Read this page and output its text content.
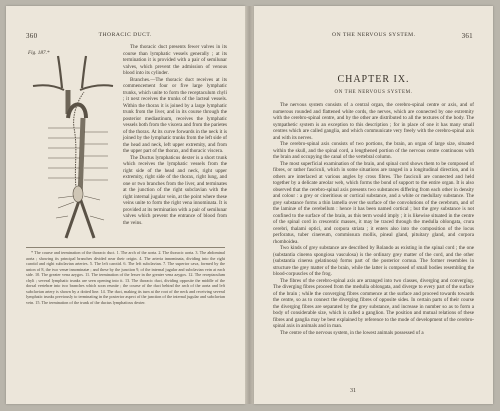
360	THORACIC DUCT.
Fig. 187.*

The thoracic duct presents fewer valves in its course than lymphatic vessels generally ; at its termination it is provided with a pair of semilunar valves, which prevent the admission of venous blood into its cylinder.

Branches.—The thoracic duct receives at its commencement four or five large lymphatic trunks, which unite to form the receptaculum chyli ; it next receives the trunks of the lacteal vessels. Within the thorax it is joined by a large lymphatic trunk from the liver, and in its course through the posterior mediastinum, receives the lymphatic vessels both from the viscera and from the parietes of the thorax. At its curve forwards in the neck it is joined by the lymphatic trunks from the left side of the head and neck, left upper extremity, and from the upper part of the thorax, and thoracic viscera.

The Ductus lymphaticus dexter is a short trunk which receives the lymphatic vessels from the right side of the head and neck, right upper extremity, right side of the thorax, right lung, and one or two branches from the liver, and terminates at the junction of the right subclavian with the right internal jugular vein, at the point where these veins unite to form the right vena innominata. It is provided at its termination with a pair of semilunar valves which prevent the entrance of blood from the veins.

* The course and termination of the thoracic duct. 1. The arch of the aorta. 2. The thoracic aorta. 3. The abdominal aorta ; showing its principal branches divided near their origin. 4. The arteria innominata, dividing into the right carotid and right subclavian arteries. 5. The left carotid. 6. The left subclavian. 7. The superior cava, formed by the union of 8, the two venæ innominatæ ; and these by the junction 9, of the internal jugular and subclavian vein at each side. 10. The greater vena azygos. 11. The termination of the lesser in the greater vena azygos. 12. The receptaculum chyli ; several lymphatic trunks are seen opening into it. 13. The thoracic duct, dividing opposite the middle of the dorsal vertebræ into two branches which soon reunite ; the course of the duct behind the arch of the aorta and left subclavian artery is shown by a dotted line. 14. The duct, making its turn at the root of the neck and receiving several lymphatic trunks previously to terminating in the posterior aspect of the junction of the internal jugular and subclavian vein. 15. The termination of the trunk of the ductus lymphaticus dexter.

ON THE NERVOUS SYSTEM.	361
CHAPTER IX.
ON THE NERVOUS SYSTEM.

The nervous system consists of a central organ, the cerebro-spinal centre or axis, and of numerous rounded and flattened white cords, the nerves, which are connected by one extremity with the cerebro-spinal centre, and by the other are distributed to all the textures of the body. The sympathetic system is an exception to this description ; for in place of one it has many small centres which are called ganglia, and which communicate very freely with the cerebro-spinal axis and with its nerves.

The cerebro-spinal axis consists of two portions, the brain, an organ of large size, situated within the skull, and the spinal cord, a lengthened portion of the nervous centre continuous with the brain and occupying the canal of the vertebral column.

The most superficial examination of the brain, and spinal cord shows them to be composed of fibres, or rather fasciculi, which in some situations are ranged in a longitudinal direction, and in others are interlaced at various angles by cross fibres. The fasciculi are connected and held together by a delicate areolar web, which forms the bond of support to the entire organ. It is also observed that the cerebro-spinal axis presents two substances differing from each other in density and colour : a grey or cineritious or cortical substance, and a white or medullary substance. The grey substance forms a thin lamella over the surface of the convolutions of the cerebrum, and of the laminæ of the cerebellum : hence it has been named cortical ; but the grey substance is not confined to the surface of the brain, as this term would imply ; it is likewise situated in the centre of the spinal cord in crescentic masses, it may be traced through the medulla oblongata, crura cerebri, thalami optici, and corpora striata ; it enters also into the composition of the locus perforatus, tuber cinereum, commissura mollis, pineal gland, pituitary gland, and corpora rhomboidea.

Two kinds of grey substance are described by Rolando as existing in the spinal cord ; the one (substantia cinerea spongiosa vasculosa) is the ordinary grey matter of the cord, and the other (substantia cinerea gelatinosa) forms part of the posterior cornua. The former resembles in structure the grey matter of the brain, while the latter is composed of small bodies resembling the blood-corpuscles of the frog.

The fibres of the cerebro-spinal axis are arranged into two classes, diverging and converging. The diverging fibres proceed from the medulla oblongata, and diverge to every part of the surface of the brain ; while the converging fibres commence at the surface and proceed towards towards the centre, so as to connect the diverging fibres of opposite sides. In certain parts of their course the diverging fibres are separated by the grey substance, and increase in number so as to form a body of considerable size, which is called a ganglion. The position and mutual relations of these fibres and ganglia may be best explained by reference to the mode of development of the cerebro-spinal axis in animals and in man.

The centre of the nervous system, in the lowest animals possessed of a

31
